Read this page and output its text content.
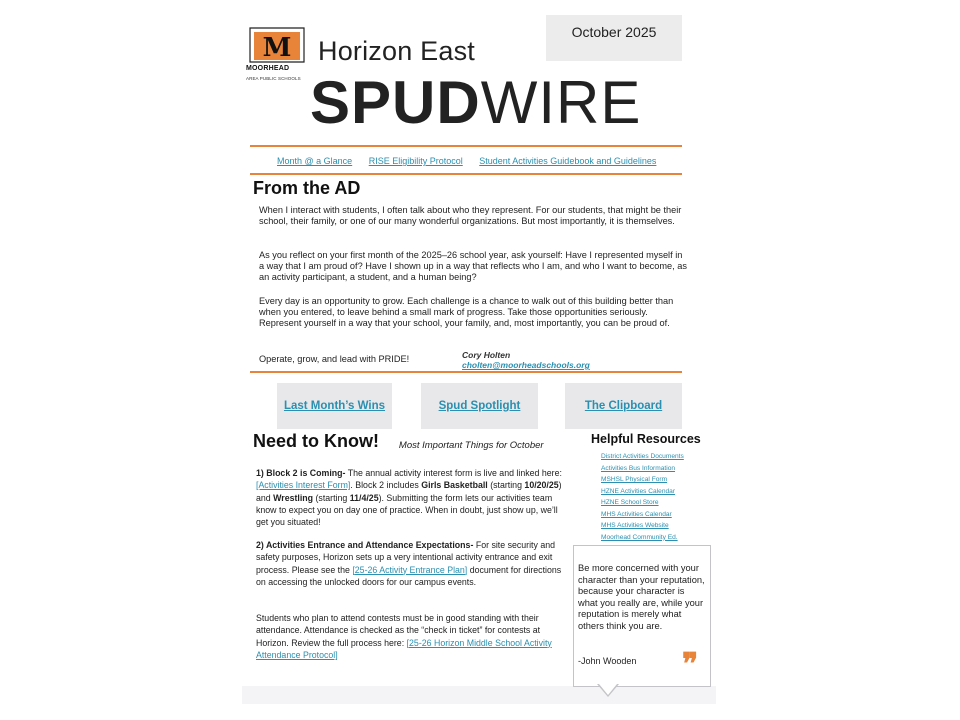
M
MOORHEAD
AREA PUBLIC SCHOOLS
Horizon East
SPUDWIRE
October 2025
Month @ a Glance RISE Eligibility Protocol Student Activities Guidebook and Guidelines
From the AD

When I interact with students, I often talk about who they represent. For our students, that might be their school, their family, or one of our many wonderful organizations. But most importantly, it is themselves.

As you reflect on your first month of the 2025–26 school year, ask yourself: Have I represented myself in a way that I am proud of? Have I shown up in a way that reflects who I am, and who I want to become, as an activity participant, a student, and a human being?

Every day is an opportunity to grow. Each challenge is a chance to walk out of this building better than when you entered, to leave behind a small mark of progress. Take those opportunities seriously. Represent yourself in a way that your school, your family, and, most importantly, you can be proud of.

Operate, grow, and lead with PRIDE!	Cory Holten
cholten@moorheadschools.org
Last Month’s Wins	Spud Spotlight	The Clipboard
Need to Know!  Most Important Things for October

1) Block 2 is Coming- The annual activity interest form is live and linked here: [Activities Interest Form]. Block 2 includes Girls Basketball (starting 10/20/25) and Wrestling (starting 11/4/25). Submitting the form lets our activities team know to expect you on day one of practice. When in doubt, just show up, we’ll get you situated!

2) Activities Entrance and Attendance Expectations- For site security and safety purposes, Horizon sets up a very intentional activity entrance and exit process. Please see the [25-26 Activity Entrance Plan] document for directions on accessing the unlocked doors for our campus events.

Students who plan to attend contests must be in good standing with their attendance. Attendance is checked as the “check in ticket” for contests at Horizon. Review the full process here: [25-26 Horizon Middle School Activity Attendance Protocol]

Helpful Resources
District Activities Documents
Activities Bus Information
MSHSL Physical Form
HZNE Activities Calendar
HZNE School Store
MHS Activities Calendar
MHS Activities Website
Moorhead Community Ed.

Be more concerned with your character than your reputation, because your character is what you really are, while your reputation is merely what others think you are.

-John Wooden ❞
